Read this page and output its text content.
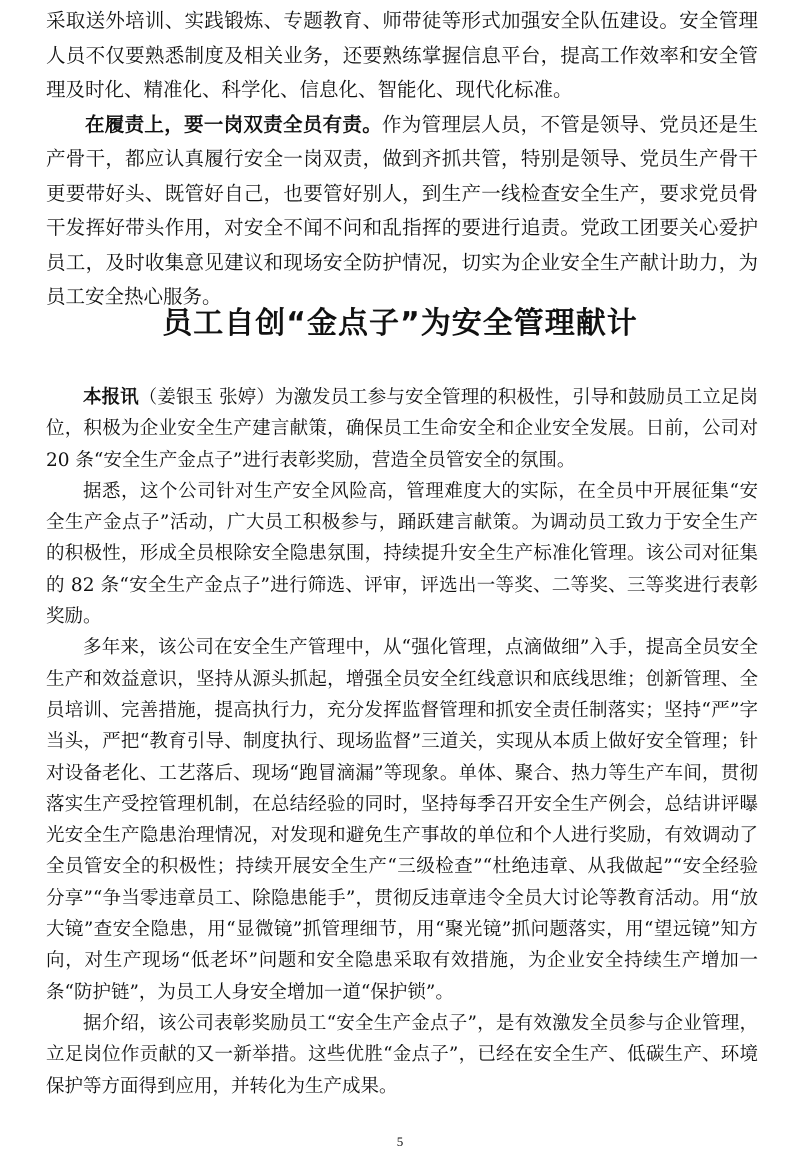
采取送外培训、实践锻炼、专题教育、师带徒等形式加强安全队伍建设。安全管理人员不仅要熟悉制度及相关业务，还要熟练掌握信息平台，提高工作效率和安全管理及时化、精准化、科学化、信息化、智能化、现代化标准。

在履责上，要一岗双责全员有责。作为管理层人员，不管是领导、党员还是生产骨干，都应认真履行安全一岗双责，做到齐抓共管，特别是领导、党员生产骨干更要带好头、既管好自己，也要管好别人，到生产一线检查安全生产，要求党员骨干发挥好带头作用，对安全不闻不问和乱指挥的要进行追责。党政工团要关心爱护员工，及时收集意见建议和现场安全防护情况，切实为企业安全生产献计助力，为员工安全热心服务。

员工自创“金点子”为安全管理献计

本报讯（姜银玉 张婷）为激发员工参与安全管理的积极性，引导和鼓励员工立足岗位，积极为企业安全生产建言献策，确保员工生命安全和企业安全发展。日前，公司对 20 条“安全生产金点子”进行表彰奖励，营造全员管安全的氛围。

据悉，这个公司针对生产安全风险高，管理难度大的实际，在全员中开展征集“安全生产金点子”活动，广大员工积极参与，踊跃建言献策。为调动员工致力于安全生产的积极性，形成全员根除安全隐患氛围，持续提升安全生产标准化管理。该公司对征集的 82 条“安全生产金点子”进行筛选、评审，评选出一等奖、二等奖、三等奖进行表彰奖励。

多年来，该公司在安全生产管理中，从“强化管理，点滴做细”入手，提高全员安全生产和效益意识，坚持从源头抓起，增强全员安全红线意识和底线思维；创新管理、全员培训、完善措施，提高执行力，充分发挥监督管理和抓安全责任制落实；坚持“严”字当头，严把“教育引导、制度执行、现场监督”三道关，实现从本质上做好安全管理；针对设备老化、工艺落后、现场“跑冒滴漏”等现象。单体、聚合、热力等生产车间，贯彻落实生产受控管理机制，在总结经验的同时，坚持每季召开安全生产例会，总结讲评曝光安全生产隐患治理情况，对发现和避免生产事故的单位和个人进行奖励，有效调动了全员管安全的积极性；持续开展安全生产“三级检查”“杜绝违章、从我做起”“安全经验分享”“争当零违章员工、除隐患能手”，贯彻反违章违令全员大讨论等教育活动。用“放大镜”查安全隐患，用“显微镜”抓管理细节，用“聚光镜”抓问题落实，用“望远镜”知方向，对生产现场“低老坏”问题和安全隐患采取有效措施，为企业安全持续生产增加一条“防护链”，为员工人身安全增加一道“保护锁”。

据介绍，该公司表彰奖励员工“安全生产金点子”，是有效激发全员参与企业管理，立足岗位作贡献的又一新举措。这些优胜“金点子”，已经在安全生产、低碳生产、环境保护等方面得到应用，并转化为生产成果。

5
